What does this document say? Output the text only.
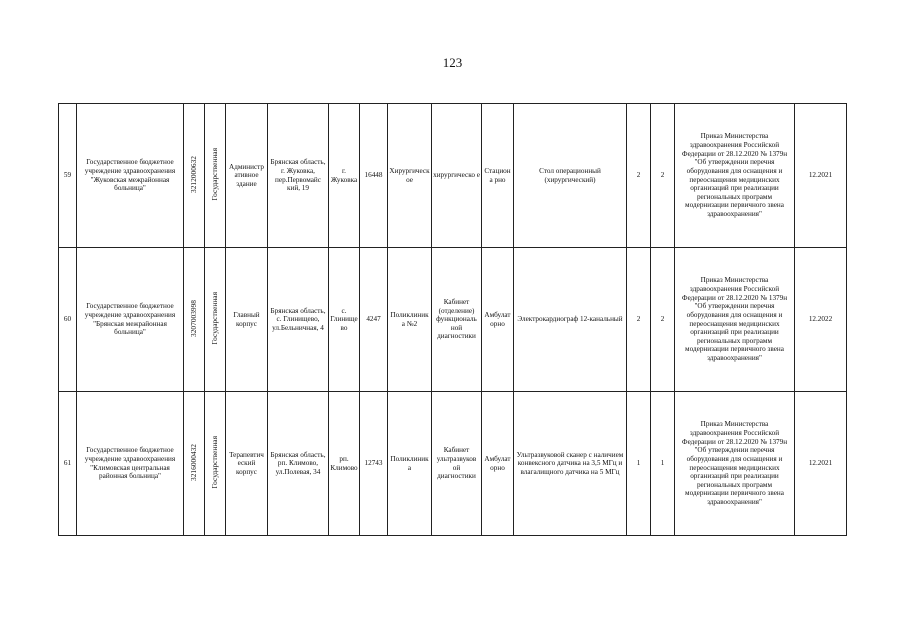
123
59	Государственное бюджетное учреждение здравоохранения "Жуковская межрайонная больница"	3212000632	Государственная	Администр ативное здание	Брянская область, г. Жуковка, пер.Первомайс кий, 19	г. Жуковка	16448	Хирургическ ое	хирургическо е	Стациона рно	Стол операционный (хирургический)	2	2	Приказ Министерства здравоохранения Российской Федерации от 28.12.2020 № 1379н "Об утверждении перечня оборудования для оснащения и переоснащения медицинских организаций при реализации региональных программ модернизации первичного звена здравоохранения"	12.2021
60	Государственное бюджетное учреждение здравоохранения "Брянская межрайонная больница"	3207003998	Государственная	Главный корпус	Брянская область, с. Глинищево, ул.Бельничная, 4	с. Глинище во	4247	Поликлиник а №2	Кабинет (отделение) функциональ ной диагностики	Амбулат орно	Электрокардиограф 12-канальный	2	2	Приказ Министерства здравоохранения Российской Федерации от 28.12.2020 № 1379н "Об утверждении перечня оборудования для оснащения и переоснащения медицинских организаций при реализации региональных программ модернизации первичного звена здравоохранения"	12.2022
61	Государственное бюджетное учреждение здравоохранения "Климовская центральная районная больница"	3216000432	Государственная	Терапевтич еский корпус	Брянская область, рп. Климово, ул.Полевая, 34	рп. Климово	12743	Поликлиник а	Кабинет ультразвуков ой диагностики	Амбулат орно	Ультразвуковой сканер с наличием конвексного датчика на 3,5 МГц и влагалищного датчика на 5 МГц	1	1	Приказ Министерства здравоохранения Российской Федерации от 28.12.2020 № 1379н "Об утверждении перечня оборудования для оснащения и переоснащения медицинских организаций при реализации региональных программ модернизации первичного звена здравоохранения"	12.2021
